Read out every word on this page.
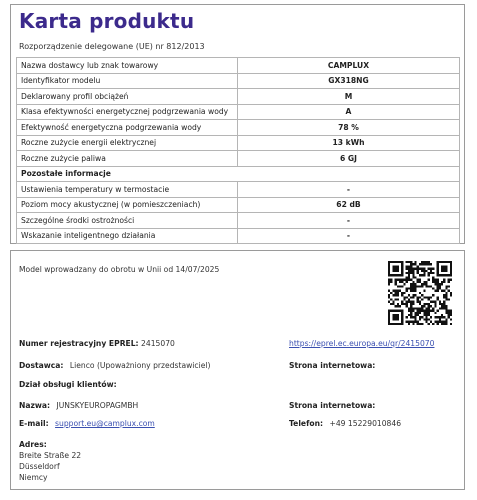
Karta produktu
Rozporządzenie delegowane (UE) nr 812/2013
Nazwa dostawcy lub znak towarowy	CAMPLUX
Identyfikator modelu	GX318NG
Deklarowany profil obciążeń	M
Klasa efektywności energetycznej podgrzewania wody	A
Efektywność energetyczna podgrzewania wody	78 %
Roczne zużycie energii elektrycznej	13 kWh
Roczne zużycie paliwa	6 GJ
Pozostałe informacje	
Ustawienia temperatury w termostacie	-
Poziom mocy akustycznej (w pomieszczeniach)	62 dB
Szczególne środki ostrożności	-
Wskazanie inteligentnego działania	-
Model wprowadzany do obrotu w Unii od 14/07/2025
Numer rejestracyjny EPREL: 2415070	https://eprel.ec.europa.eu/qr/2415070
Dostawca: Lienco (Upoważniony przedstawiciel)	Strona internetowa:
Dział obsługi klientów:
Nazwa: JUNSKYEUROPAGMBH	Strona internetowa:
E-mail: support.eu@camplux.com	Telefon: +49 15229010846
Adres:
Breite Straße 22
Düsseldorf
Niemcy
